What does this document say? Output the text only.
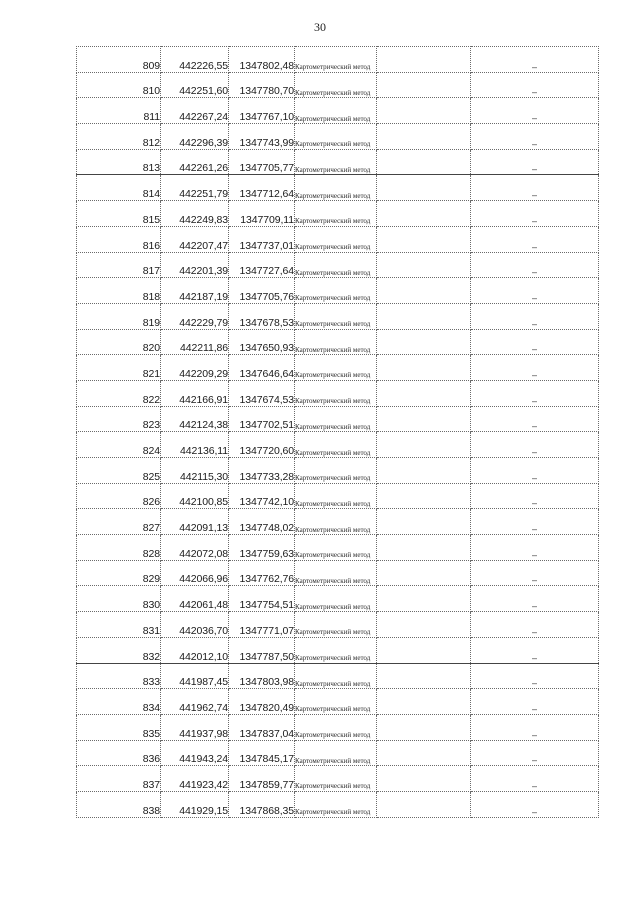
30
809	442226,55	1347802,48	Картометрический метод		–
810	442251,60	1347780,70	Картометрический метод		–
811	442267,24	1347767,10	Картометрический метод		–
812	442296,39	1347743,99	Картометрический метод		–
813	442261,26	1347705,77	Картометрический метод		–
814	442251,79	1347712,64	Картометрический метод		–
815	442249,83	1347709,11	Картометрический метод		–
816	442207,47	1347737,01	Картометрический метод		–
817	442201,39	1347727,64	Картометрический метод		–
818	442187,19	1347705,76	Картометрический метод		–
819	442229,79	1347678,53	Картометрический метод		–
820	442211,86	1347650,93	Картометрический метод		–
821	442209,29	1347646,64	Картометрический метод		–
822	442166,91	1347674,53	Картометрический метод		–
823	442124,38	1347702,51	Картометрический метод		–
824	442136,11	1347720,60	Картометрический метод		–
825	442115,30	1347733,28	Картометрический метод		–
826	442100,85	1347742,10	Картометрический метод		–
827	442091,13	1347748,02	Картометрический метод		–
828	442072,08	1347759,63	Картометрический метод		–
829	442066,96	1347762,76	Картометрический метод		–
830	442061,48	1347754,51	Картометрический метод		–
831	442036,70	1347771,07	Картометрический метод		–
832	442012,10	1347787,50	Картометрический метод		–
833	441987,45	1347803,98	Картометрический метод		–
834	441962,74	1347820,49	Картометрический метод		–
835	441937,98	1347837,04	Картометрический метод		–
836	441943,24	1347845,17	Картометрический метод		–
837	441923,42	1347859,77	Картометрический метод		–
838	441929,15	1347868,35	Картометрический метод		–
